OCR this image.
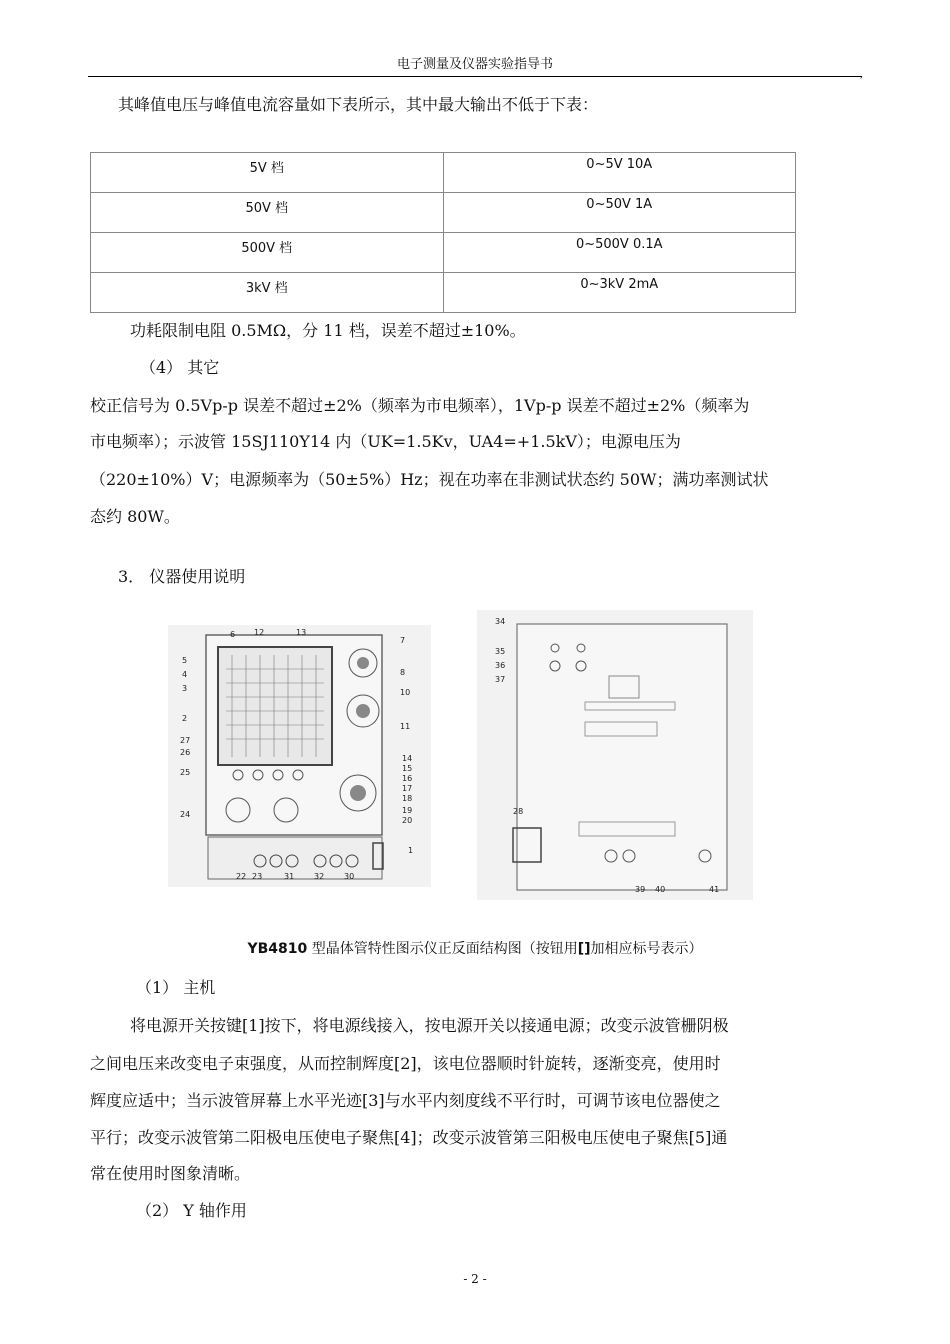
电子测量及仪器实验指导书
,
其峰值电压与峰值电流容量如下表所示，其中最大输出不低于下表：
5V 档	0~5V 10A
50V 档	0~50V 1A
500V 档	0~500V 0.1A
3kV 档	0~3kV 2mA
功耗限制电阻 0.5MΩ，分 11 档，误差不超过±10%。
（4） 其它
校正信号为 0.5Vp-p 误差不超过±2%（频率为市电频率），1Vp-p 误差不超过±2%（频率为
市电频率）；示波管 15SJ110Y14 内（UK=1.5Kv，UA4=+1.5kV）；电源电压为
（220±10%）V；电源频率为（50±5%）Hz；视在功率在非测试状态约 50W；满功率测试状
态约 80W。
3． 仪器使用说明
6 12	13
7
5
4
3
8
10
2
11
27
26
25
14
15
16
17
18
19
20
24
1
22 23	31 32 30
34
35
36
37
28
39 40	41
YB4810 型晶体管特性图示仪正反面结构图（按钮用[]加相应标号表示）
（1） 主机
将电源开关按键[1]按下，将电源线接入，按电源开关以接通电源；改变示波管栅阴极
之间电压来改变电子束强度，从而控制辉度[2]，该电位器顺时针旋转，逐渐变亮，使用时
辉度应适中；当示波管屏幕上水平光迹[3]与水平内刻度线不平行时，可调节该电位器使之
平行；改变示波管第二阳极电压使电子聚焦[4]；改变示波管第三阳极电压使电子聚焦[5]通
常在使用时图象清晰。
（2） Y 轴作用
- 2 -
